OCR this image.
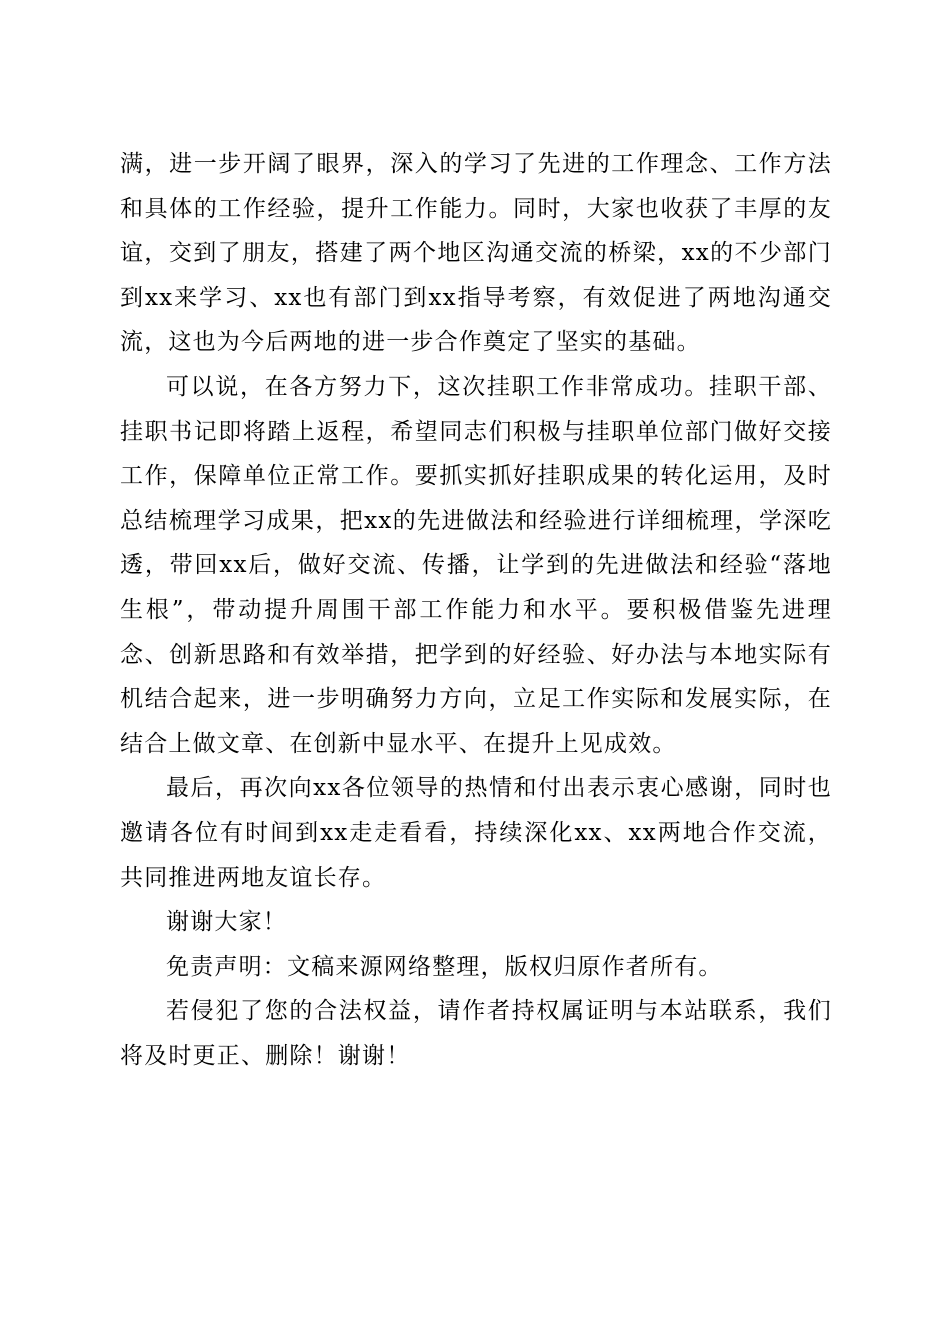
满，进一步开阔了眼界，深入的学习了先进的工作理念、工作方法和具体的工作经验，提升工作能力。同时，大家也收获了丰厚的友谊，交到了朋友，搭建了两个地区沟通交流的桥梁，xx的不少部门到xx来学习、xx也有部门到xx指导考察，有效促进了两地沟通交流，这也为今后两地的进一步合作奠定了坚实的基础。

可以说，在各方努力下，这次挂职工作非常成功。挂职干部、挂职书记即将踏上返程，希望同志们积极与挂职单位部门做好交接工作，保障单位正常工作。要抓实抓好挂职成果的转化运用，及时总结梳理学习成果，把xx的先进做法和经验进行详细梳理，学深吃透，带回xx后，做好交流、传播，让学到的先进做法和经验“落地生根”，带动提升周围干部工作能力和水平。要积极借鉴先进理念、创新思路和有效举措，把学到的好经验、好办法与本地实际有机结合起来，进一步明确努力方向，立足工作实际和发展实际，在结合上做文章、在创新中显水平、在提升上见成效。

最后，再次向xx各位领导的热情和付出表示衷心感谢，同时也邀请各位有时间到xx走走看看，持续深化xx、xx两地合作交流，共同推进两地友谊长存。

谢谢大家！

免责声明：文稿来源网络整理，版权归原作者所有。

若侵犯了您的合法权益，请作者持权属证明与本站联系，我们将及时更正、删除！谢谢！
